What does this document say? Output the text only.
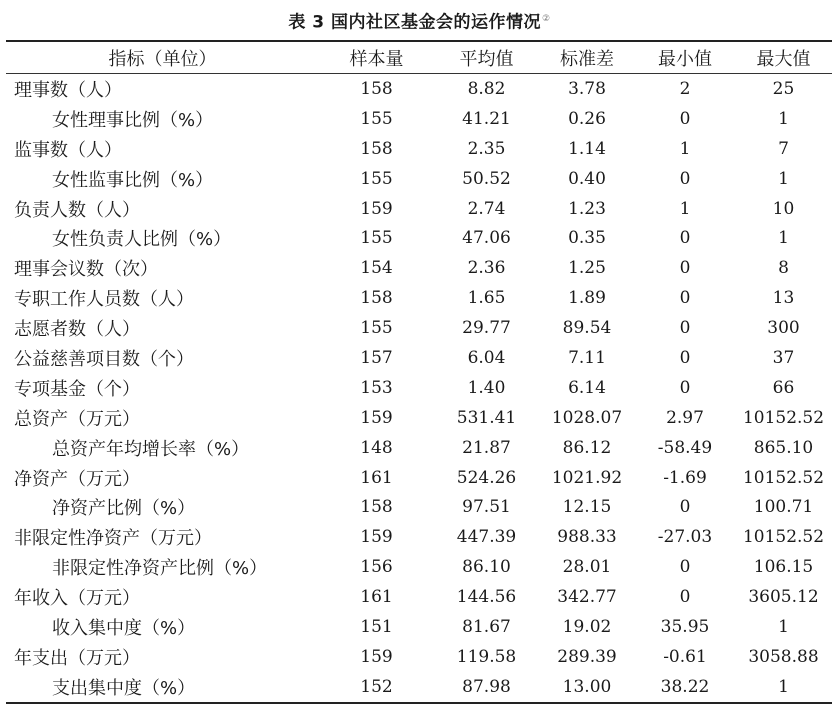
表 3 国内社区基金会的运作情况②
指标（单位）	样本量	平均值	标准差	最小值	最大值
理事数（人）	158	8.82	3.78	2	25
女性理事比例（%）	155	41.21	0.26	0	1
监事数（人）	158	2.35	1.14	1	7
女性监事比例（%）	155	50.52	0.40	0	1
负责人数（人）	159	2.74	1.23	1	10
女性负责人比例（%）	155	47.06	0.35	0	1
理事会议数（次）	154	2.36	1.25	0	8
专职工作人员数（人）	158	1.65	1.89	0	13
志愿者数（人）	155	29.77	89.54	0	300
公益慈善项目数（个）	157	6.04	7.11	0	37
专项基金（个）	153	1.40	6.14	0	66
总资产（万元）	159	531.41	1028.07	2.97	10152.52
总资产年均增长率（%）	148	21.87	86.12	-58.49	865.10
净资产（万元）	161	524.26	1021.92	-1.69	10152.52
净资产比例（%）	158	97.51	12.15	0	100.71
非限定性净资产（万元）	159	447.39	988.33	-27.03	10152.52
非限定性净资产比例（%）	156	86.10	28.01	0	106.15
年收入（万元）	161	144.56	342.77	0	3605.12
收入集中度（%）	151	81.67	19.02	35.95	1
年支出（万元）	159	119.58	289.39	-0.61	3058.88
支出集中度（%）	152	87.98	13.00	38.22	1
